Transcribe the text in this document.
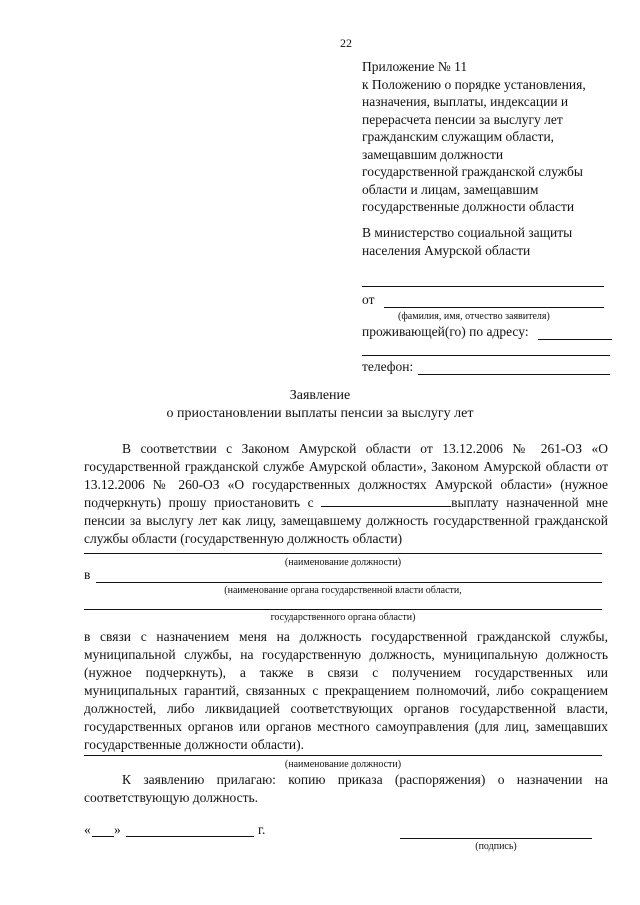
22
Приложение № 11
к Положению о порядке установления,
назначения, выплаты, индексации и
перерасчета пенсии за выслугу лет
гражданским служащим области,
замещавшим должности
государственной гражданской службы
области и лицам, замещавшим
государственные должности области
В министерство социальной защиты
населения Амурской области
от
(фамилия, имя, отчество заявителя)
проживающей(го) по адресу:
телефон:
Заявление
о приостановлении выплаты пенсии за выслугу лет
В соответствии с Законом Амурской области от 13.12.2006 № 261-ОЗ «О государственной гражданской службе Амурской области», Законом Амурской области от 13.12.2006 № 260-ОЗ «О государственных должностях Амурской области» (нужное подчеркнуть) прошу приостановить с	выплату назначенной мне пенсии за выслугу лет как лицу, замещавшему должность государственной гражданской службы области (государственную должность области)
(наименование должности)
в
(наименование органа государственной власти области,
государственного органа области)
в связи с назначением меня на должность государственной гражданской службы, муниципальной службы, на государственную должность, муниципальную должность (нужное подчеркнуть), а также в связи с получением государственных или муниципальных гарантий, связанных с прекращением полномочий, либо сокращением должностей, либо ликвидацией соответствующих органов государственной власти, государственных органов или органов местного самоуправления (для лиц, замещавших государственные должности области).
(наименование должности)
К заявлению прилагаю: копию приказа (распоряжения) о назначении на соответствующую должность.
« »	г.
(подпись)
